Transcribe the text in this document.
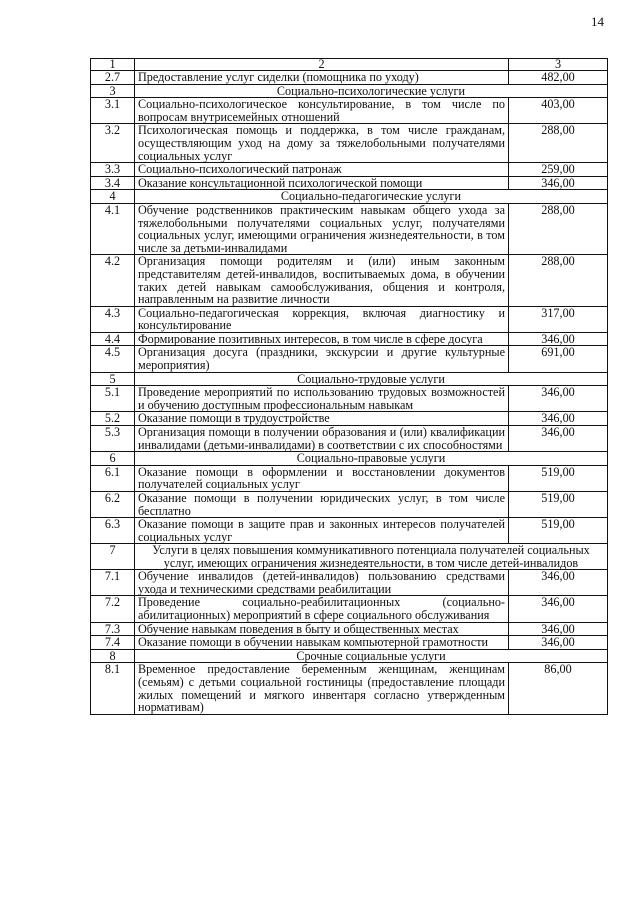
14
1	2	3
2.7	Предоставление услуг сиделки (помощника по уходу)	482,00
3	Социально-психологические услуги	
3.1	Социально-психологическое консультирование, в том числе по вопросам внутрисемейных отношений	403,00
3.2	Психологическая помощь и поддержка, в том числе гражданам, осуществляющим уход на дому за тяжелобольными получателями социальных услуг	288,00
3.3	Социально-психологический патронаж	259,00
3.4	Оказание консультационной психологической помощи	346,00
4	Социально-педагогические услуги	
4.1	Обучение родственников практическим навыкам общего ухода за тяжелобольными получателями социальных услуг, получателями социальных услуг, имеющими ограничения жизнедеятельности, в том числе за детьми-инвалидами	288,00
4.2	Организация помощи родителям и (или) иным законным представителям детей-инвалидов, воспитываемых дома, в обучении таких детей навыкам самообслуживания, общения и контроля, направленным на развитие личности	288,00
4.3	Социально-педагогическая коррекция, включая диагностику и консультирование	317,00
4.4	Формирование позитивных интересов, в том числе в сфере досуга	346,00
4.5	Организация досуга (праздники, экскурсии и другие культурные мероприятия)	691,00
5	Социально-трудовые услуги	
5.1	Проведение мероприятий по использованию трудовых возможностей и обучению доступным профессиональным навыкам	346,00
5.2	Оказание помощи в трудоустройстве	346,00
5.3	Организация помощи в получении образования и (или) квалификации инвалидами (детьми-инвалидами) в соответствии с их способностями	346,00
6	Социально-правовые услуги	
6.1	Оказание помощи в оформлении и восстановлении документов получателей социальных услуг	519,00
6.2	Оказание помощи в получении юридических услуг, в том числе бесплатно	519,00
6.3	Оказание помощи в защите прав и законных интересов получателей социальных услуг	519,00
7	Услуги в целях повышения коммуникативного потенциала получателей социальных услуг, имеющих ограничения жизнедеятельности, в том числе детей-инвалидов	
7.1	Обучение инвалидов (детей-инвалидов) пользованию средствами ухода и техническими средствами реабилитации	346,00
7.2	Проведение социально-реабилитационных (социально-абилитационных) мероприятий в сфере социального обслуживания	346,00
7.3	Обучение навыкам поведения в быту и общественных местах	346,00
7.4	Оказание помощи в обучении навыкам компьютерной грамотности	346,00
8	Срочные социальные услуги	
8.1	Временное предоставление беременным женщинам, женщинам (семьям) с детьми социальной гостиницы (предоставление площади жилых помещений и мягкого инвентаря согласно утвержденным нормативам)	86,00
